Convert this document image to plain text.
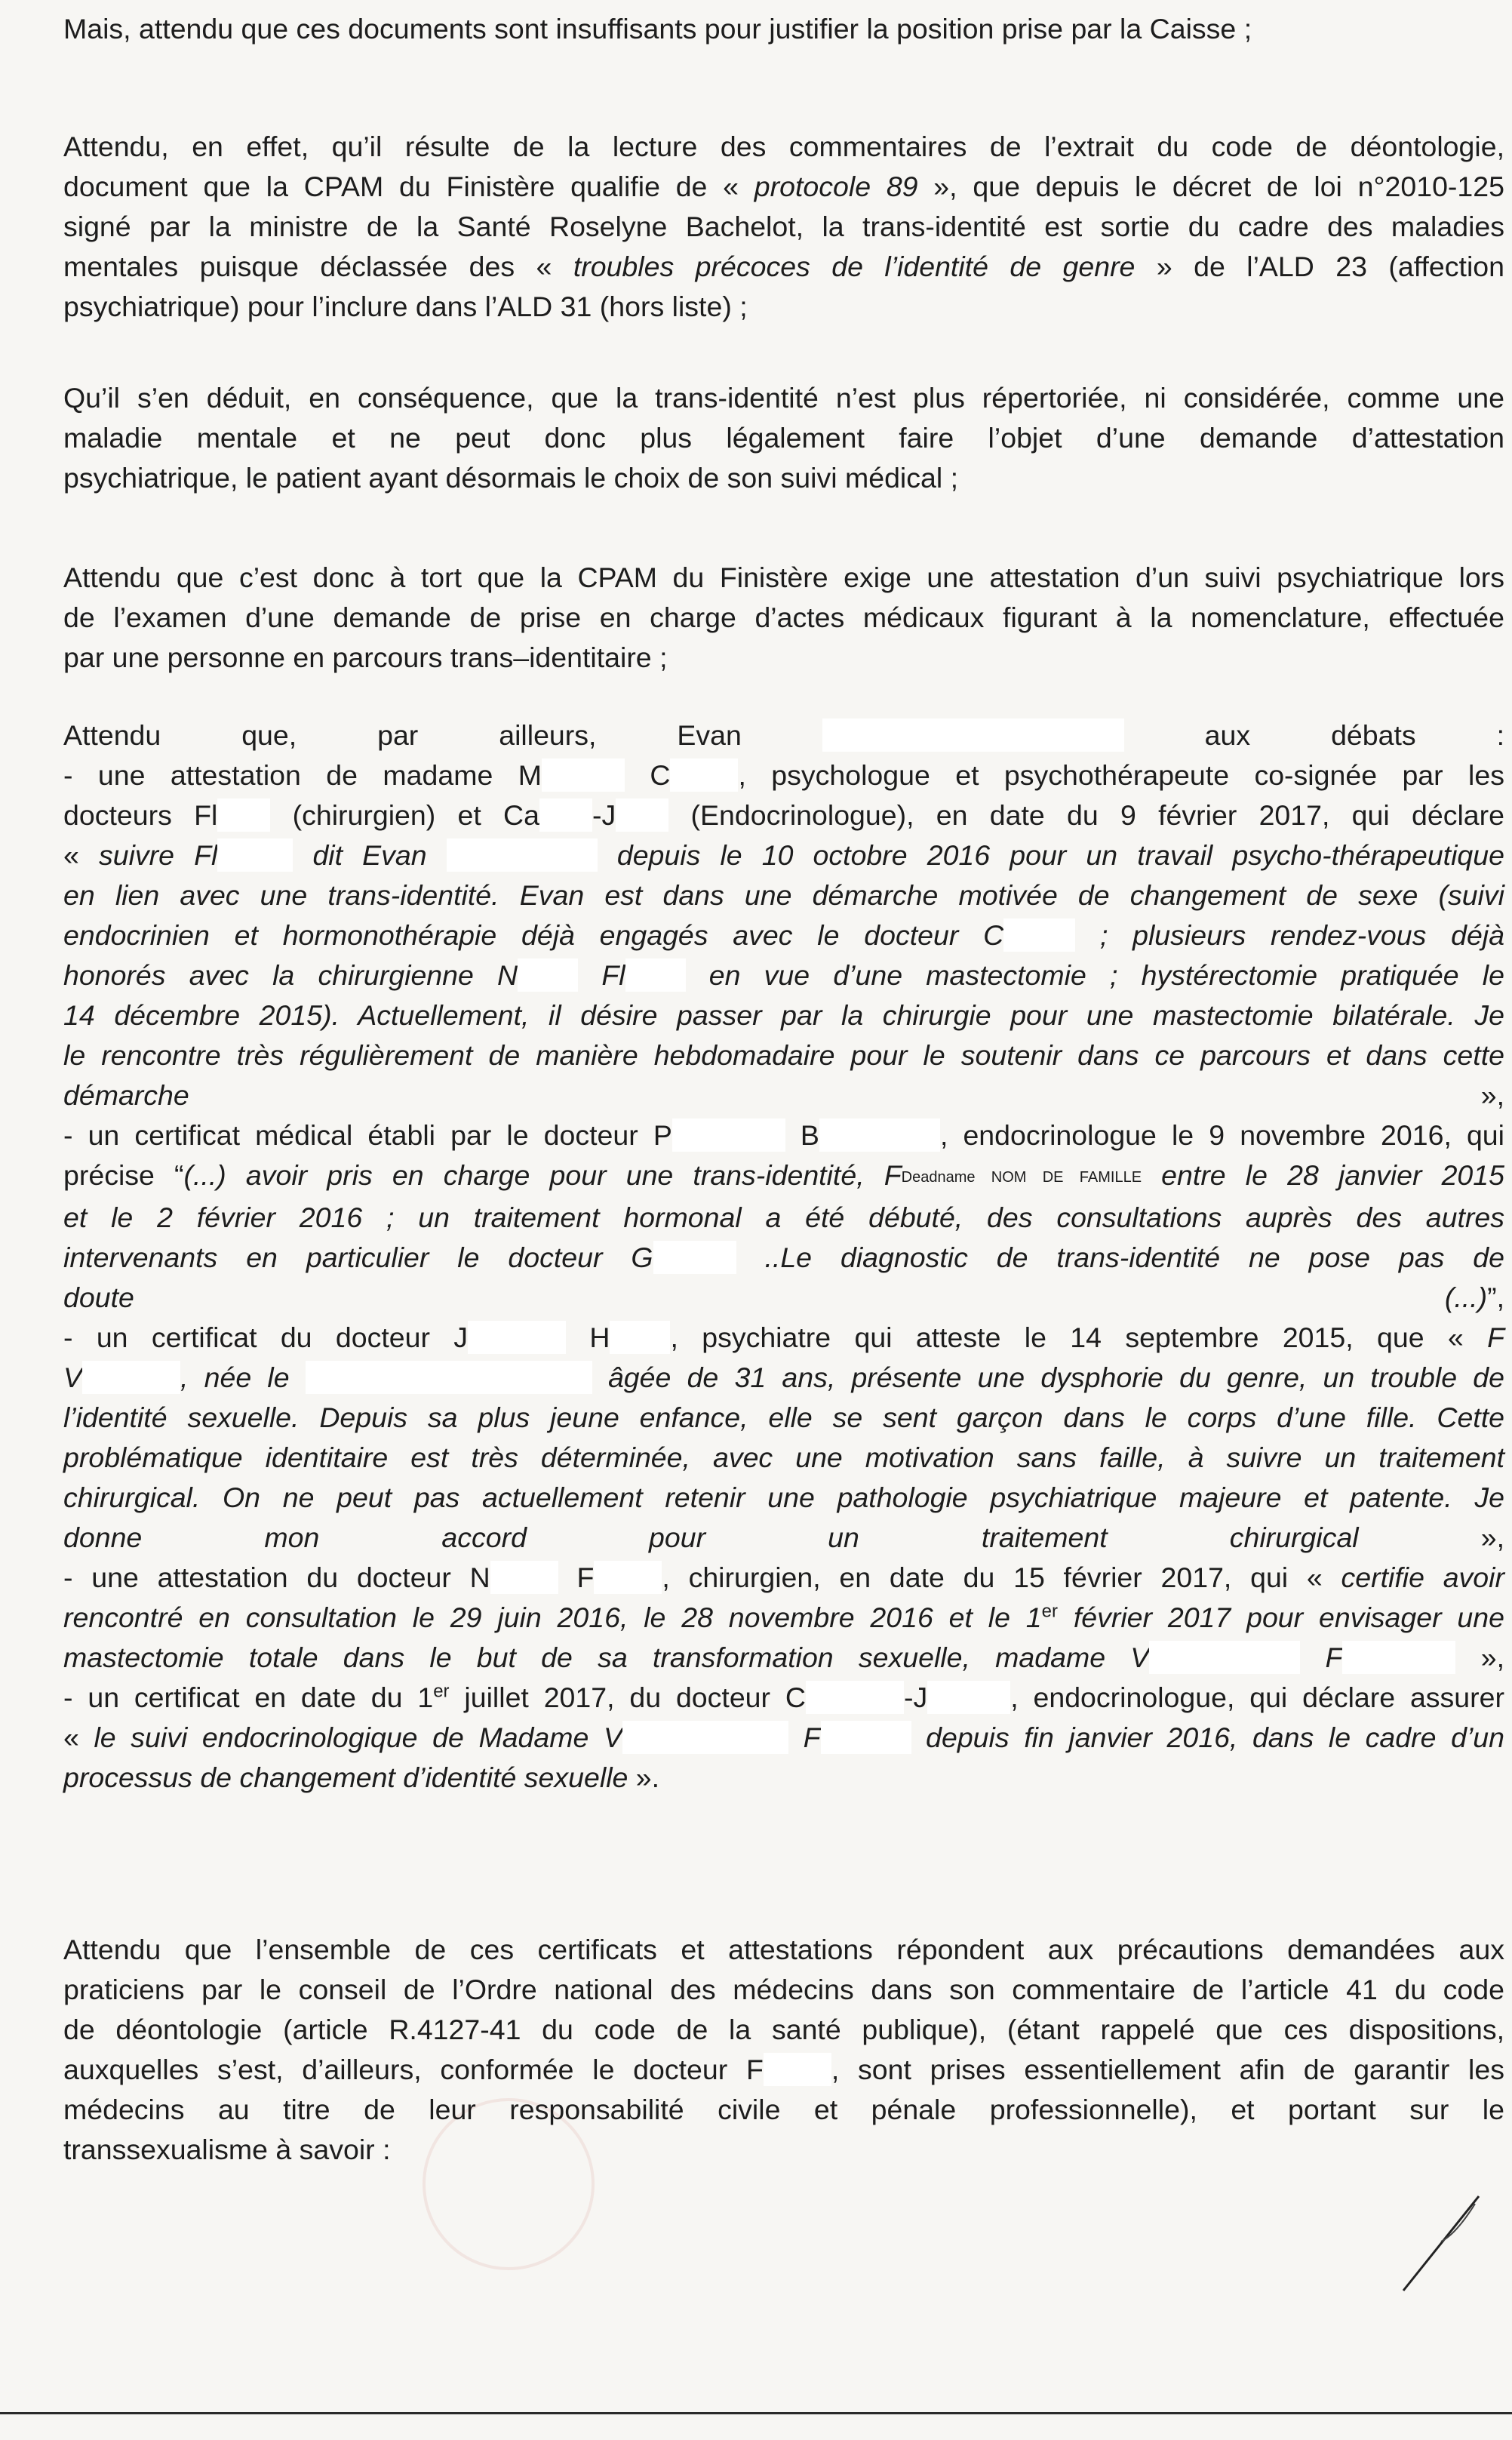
Mais, attendu que ces documents sont insuffisants pour justifier la position prise par la Caisse ;
Attendu, en effet, qu’il résulte de la lecture des commentaires de l’extrait du code de déontologie,
document que la CPAM du Finistère qualifie de « protocole 89 », que depuis le décret de loi n°2010-125
signé par la ministre de la Santé Roselyne Bachelot, la trans-identité est sortie du cadre des maladies
mentales puisque déclassée des « troubles précoces de l’identité de genre » de l’ALD 23 (affection
psychiatrique) pour l’inclure dans l’ALD 31 (hors liste) ;
Qu’il s’en déduit, en conséquence, que la trans-identité n’est plus répertoriée, ni considérée, comme une
maladie mentale et ne peut donc plus légalement faire l’objet d’une demande d’attestation
psychiatrique, le patient ayant désormais le choix de son suivi médical ;
Attendu que c’est donc à tort que la CPAM du Finistère exige une attestation d’un suivi psychiatrique lors
de l’examen d’une demande de prise en charge d’actes médicaux figurant à la nomenclature, effectuée
par une personne en parcours trans–identitaire ;
Attendu que, par ailleurs, Evan	aux débats :
- une attestation de madame M	C , psychologue et psychothérapeute co-signée par les
docteurs Fl (chirurgien) et Ca -J (Endocrinologue), en date du 9 février 2017, qui déclare
« suivre Fl	dit Evan	depuis le 10 octobre 2016 pour un travail psycho-thérapeutique
en lien avec une trans-identité. Evan est dans une démarche motivée de changement de sexe (suivi
endocrinien et hormonothérapie déjà engagés avec le docteur C	; plusieurs rendez-vous déjà
honorés avec la chirurgienne N Fl en vue d’une mastectomie ; hystérectomie pratiquée le
14 décembre 2015). Actuellement, il désire passer par la chirurgie pour une mastectomie bilatérale. Je
le rencontre très régulièrement de manière hebdomadaire pour le soutenir dans ce parcours et dans cette
démarche »,
- un certificat médical établi par le docteur P	B	, endocrinologue le 9 novembre 2016, qui
précise “(...) avoir pris en charge pour une trans-identité, FDeadname NOM DE FAMILLE entre le 28 janvier 2015
et le 2 février 2016 ; un traitement hormonal a été débuté, des consultations auprès des autres
intervenants en particulier le docteur G	..Le diagnostic de trans-identité ne pose pas de
doute (...)”,
- un certificat du docteur J	H , psychiatre qui atteste le 14 septembre 2015, que « F
V	, née le	âgée de 31 ans, présente une dysphorie du genre, un trouble de
l’identité sexuelle. Depuis sa plus jeune enfance, elle se sent garçon dans le corps d’une fille. Cette
problématique identitaire est très déterminée, avec une motivation sans faille, à suivre un traitement
chirurgical. On ne peut pas actuellement retenir une pathologie psychiatrique majeure et patente. Je
donne mon accord pour un traitement chirurgical »,
- une attestation du docteur N F , chirurgien, en date du 15 février 2017, qui « certifie avoir
rencontré en consultation le 29 juin 2016, le 28 novembre 2016 et le 1er février 2017 pour envisager une
mastectomie totale dans le but de sa transformation sexuelle, madame V	F	»,
- un certificat en date du 1er juillet 2017, du docteur C	-J	, endocrinologue, qui déclare assurer
« le suivi endocrinologique de Madame V	F	depuis fin janvier 2016, dans le cadre d’un
processus de changement d’identité sexuelle ».
Attendu que l’ensemble de ces certificats et attestations répondent aux précautions demandées aux
praticiens par le conseil de l’Ordre national des médecins dans son commentaire de l’article 41 du code
de déontologie (article R.4127-41 du code de la santé publique), (étant rappelé que ces dispositions,
auxquelles s’est, d’ailleurs, conformée le docteur F , sont prises essentiellement afin de garantir les
médecins au titre de leur responsabilité civile et pénale professionnelle), et portant sur le
transsexualisme à savoir :
